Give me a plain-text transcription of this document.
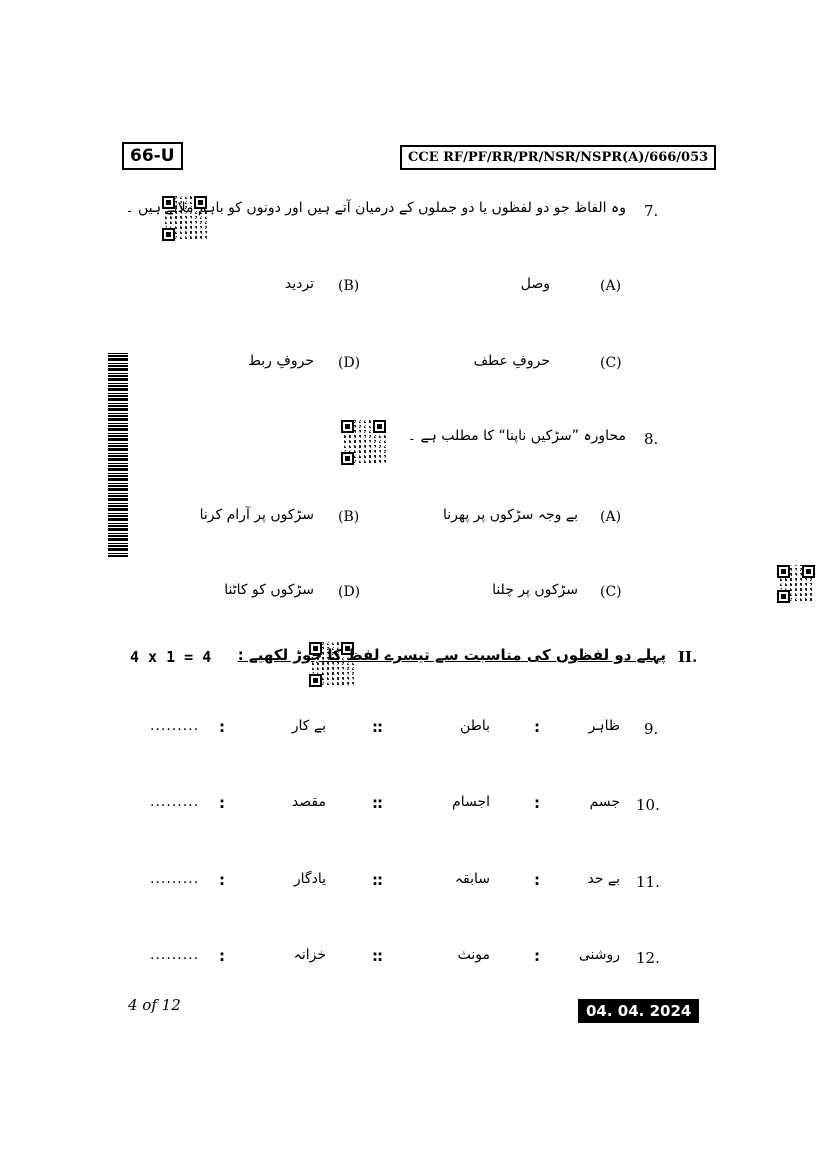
66-U	CCE RF/PF/RR/PR/NSR/NSPR(A)/666/053
7.
وہ الفاظ جو دو لفظوں یا دو جملوں کے درمیان آتے ہیں اور دونوں کو باہم ملاتے ہیں ۔
(A)
وصل
(B)
تردید
(C)
حروفِ عطف
(D)
حروفِ ربط
8.
محاورہ ”سڑکیں ناپنا“ کا مطلب ہے ۔
(A)
بے وجہ سڑکوں پر پھرنا
(B)
سڑکوں پر آرام کرنا
(C)
سڑکوں پر چلنا
(D)
سڑکوں کو کاٹنا
II.
پہلے دو لفظوں کی مناسبت سے تیسرے لفظ کا جوڑ لکھیے :
4 x 1 = 4
9.
ظاہر
:
باطن
::
بے کار
:
.........
10.
جسم
:
اجسام
::
مقصد
:
.........
11.
بے حد
:
سابقہ
::
یادگار
:
.........
12.
روشنی
:
مونث
::
خزانہ
:
.........
4 of 12	04. 04. 2024
